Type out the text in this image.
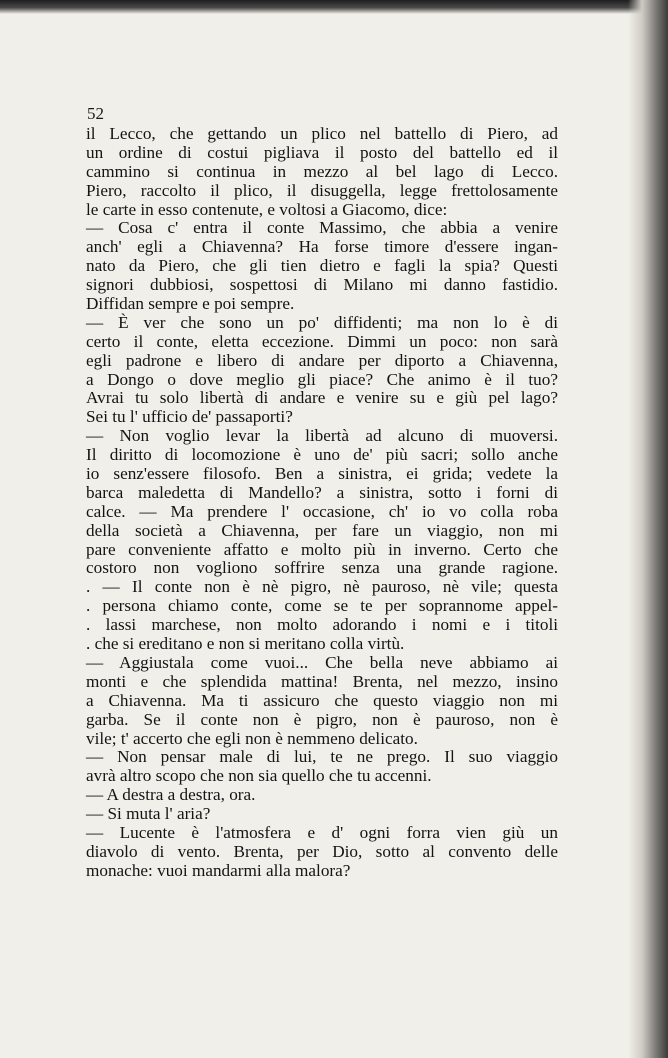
52
il Lecco, che gettando un plico nel battello di Piero, ad
un ordine di costui pigliava il posto del battello ed il
cammino si continua in mezzo al bel lago di Lecco.
Piero, raccolto il plico, il disuggella, legge frettolosamente
le carte in esso contenute, e voltosi a Giacomo, dice:
— Cosa c' entra il conte Massimo, che abbia a venire
anch' egli a Chiavenna? Ha forse timore d'essere ingan-
nato da Piero, che gli tien dietro e fagli la spia? Questi
signori dubbiosi, sospettosi di Milano mi danno fastidio.
Diffidan sempre e poi sempre.
— È ver che sono un po' diffidenti; ma non lo è di
certo il conte, eletta eccezione. Dimmi un poco: non sarà
egli padrone e libero di andare per diporto a Chiavenna,
a Dongo o dove meglio gli piace? Che animo è il tuo?
Avrai tu solo libertà di andare e venire su e giù pel lago?
Sei tu l' ufficio de' passaporti?
— Non voglio levar la libertà ad alcuno di muoversi.
Il diritto di locomozione è uno de' più sacri; sollo anche
io senz'essere filosofo. Ben a sinistra, ei grida; vedete la
barca maledetta di Mandello? a sinistra, sotto i forni di
calce. — Ma prendere l' occasione, ch' io vo colla roba
della società a Chiavenna, per fare un viaggio, non mi
pare conveniente affatto e molto più in inverno. Certo che
costoro non vogliono soffrire senza una grande ragione.
. — Il conte non è nè pigro, nè pauroso, nè vile; questa
. persona chiamo conte, come se te per soprannome appel-
. lassi marchese, non molto adorando i nomi e i titoli
. che si ereditano e non si meritano colla virtù.
— Aggiustala come vuoi... Che bella neve abbiamo ai
monti e che splendida mattina! Brenta, nel mezzo, insino
a Chiavenna. Ma ti assicuro che questo viaggio non mi
garba. Se il conte non è pigro, non è pauroso, non è
vile; t' accerto che egli non è nemmeno delicato.
— Non pensar male di lui, te ne prego. Il suo viaggio
avrà altro scopo che non sia quello che tu accenni.
— A destra a destra, ora.
— Si muta l' aria?
— Lucente è l'atmosfera e d' ogni forra vien giù un
diavolo di vento. Brenta, per Dio, sotto al convento delle
monache: vuoi mandarmi alla malora?
